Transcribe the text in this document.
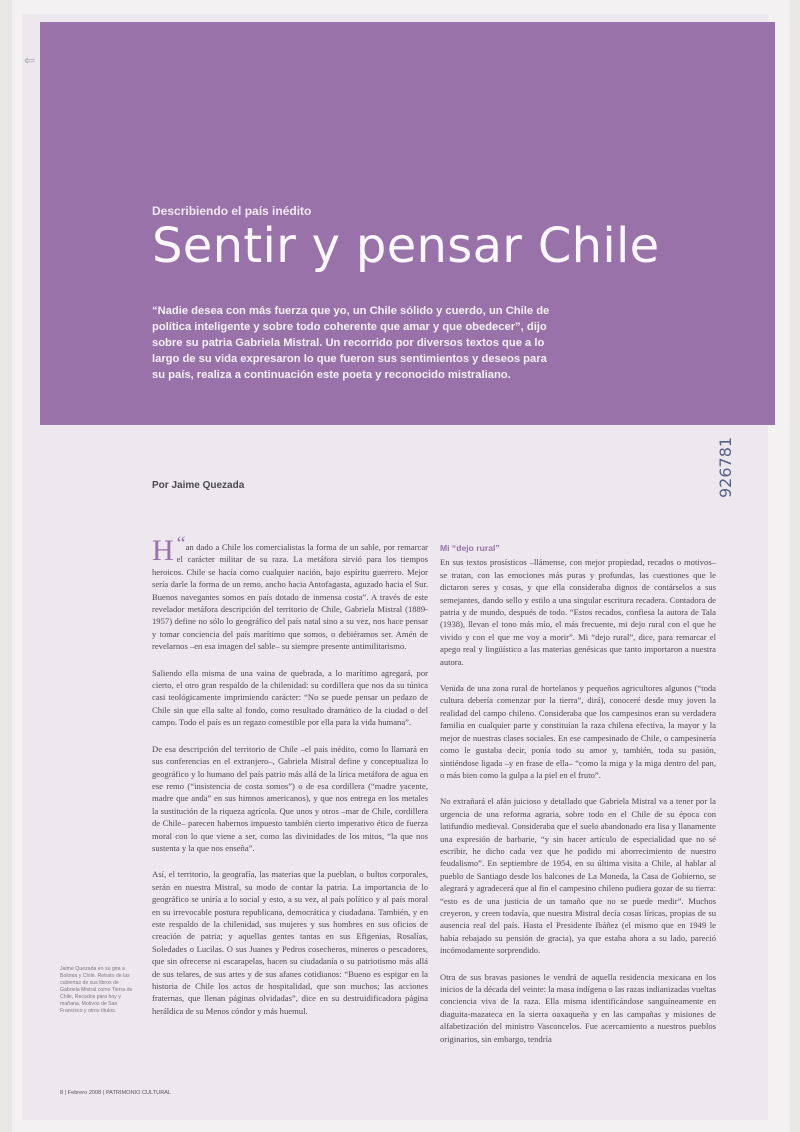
⇐
Describiendo el país inédito
Sentir y pensar Chile
“Nadie desea con más fuerza que yo, un Chile sólido y cuerdo, un Chile de política inteligente y sobre todo coherente que amar y que obedecer”, dijo sobre su patria Gabriela Mistral. Un recorrido por diversos textos que a lo largo de su vida expresaron lo que fueron sus sentimientos y deseos para su país, realiza a continuación este poeta y reconocido mistraliano.
Por Jaime Quezada

“
H an dado a Chile los comercialistas la forma de un sable, por remarcar el carácter militar de su raza. La metáfora sirvió para los tiempos heroicos. Chile se hacía como cualquier nación, bajo espíritu guerrero. Mejor sería darle la forma de un remo, ancho hacia Antofagasta, aguzado hacia el Sur. Buenos navegantes somos en país dotado de inmensa costa”. A través de este revelador metáfora descripción del territorio de Chile, Gabriela Mistral (1889-1957) define no sólo lo geográfico del país natal sino a su vez, nos hace pensar y tomar conciencia del país marítimo que somos, o debiéramos ser. Amén de revelarnos –en esa imagen del sable– su siempre presente antimilitarismo.

Saliendo ella misma de una vaina de quebrada, a lo marítimo agregará, por cierto, el otro gran respaldo de la chilenidad: su cordillera que nos da su túnica casi teológicamente imprimiendo carácter: “No se puede pensar un pedazo de Chile sin que ella salte al fondo, como resultado dramático de la ciudad o del campo. Todo el país es un regazo comestible por ella para la vida humana”.

De esa descripción del territorio de Chile –el país inédito, como lo llamará en sus conferencias en el extranjero–, Gabriela Mistral define y conceptualiza lo geográfico y lo humano del país patrio más allá de la lírica metáfora de agua en ese remo (“insistencia de costa somos”) o de esa cordillera (“madre yacente, madre que anda” en sus himnos americanos), y que nos entrega en los metales la sustitución de la riqueza agrícola. Que unos y otros –mar de Chile, cordillera de Chile– parecen habernos impuesto también cierto imperativo ético de fuerza moral con lo que viene a ser, como las divinidades de los mitos, “la que nos sustenta y la que nos enseña”.

Así, el territorio, la geografía, las materias que la pueblan, o bultos corporales, serán en nuestra Mistral, su modo de contar la patria. La importancia de lo geográfico se uniría a lo social y esto, a su vez, al país político y al país moral en su irrevocable postura republicana, democrática y ciudadana. También, y en este respaldo de la chilenidad, sus mujeres y sus hombres en sus oficios de creación de patria; y aquellas gentes tantas en sus Efigenias, Rosalías, Soledades o Lucilas. O sus Juanes y Pedros cosecheros, mineros o pescadores, que sin ofrecerse ni escarapelas, hacen su ciudadanía o su patriotismo más allá de sus telares, de sus artes y de sus afanes cotidianos: “Bueno es espigar en la historia de Chile los actos de hospitalidad, que son muchos; las acciones fraternas, que llenan páginas olvidadas”, dice en su destruidificadora página heráldica de su Menos cóndor y más huemul.

Mi “dejo rural”

En sus textos prosísticos –llámense, con mejor propiedad, recados o motivos– se tratan, con las emociones más puras y profundas, las cuestiones que le dictaron seres y cosas, y que ella consideraba dignos de contárselos a sus semejantes, dando sello y estilo a una singular escritura recadera. Contadora de patria y de mundo, después de todo. “Estos recados, confiesa la autora de Tala (1938), llevan el tono más mío, el más frecuente, mi dejo rural con el que he vivido y con el que me voy a morir”. Mi “dejo rural”, dice, para remarcar el apego real y lingüístico a las materias genésicas que tanto importaron a nuestra autora.

Venida de una zona rural de hortelanos y pequeños agricultores algunos (“toda cultura debería comenzar por la tierra”, dirá), conoceré desde muy joven la realidad del campo chileno. Consideraba que los campesinos eran su verdadera familia en cualquier parte y constituían la raza chilena efectiva, la mayor y la mejor de nuestras clases sociales. En ese campesinado de Chile, o campesinería como le gustaba decir, ponía todo su amor y, también, toda su pasión, sintiéndose ligada –y en frase de ella– “como la miga y la miga dentro del pan, o más bien como la gulpa a la piel en el fruto”.

No extrañará el afán juicioso y detallado que Gabriela Mistral va a tener por la urgencia de una reforma agraria, sobre todo en el Chile de su época con latifundio medieval. Consideraba que el suelo abandonado era lisa y llanamente una expresión de barbarie, “y sin hacer artículo de especialidad que no sé escribir, he dicho cada vez que he podido mi aborrecimiento de nuestro feudalismo”. En septiembre de 1954, en su última visita a Chile, al hablar al pueblo de Santiago desde los balcones de La Moneda, la Casa de Gobierno, se alegrará y agradecerá que al fin el campesino chileno pudiera gozar de su tierra: “esto es de una justicia de un tamaño que no se puede medir”. Muchos creyeron, y creen todavía, que nuestra Mistral decía cosas líricas, propias de su ausencia real del país. Hasta el Presidente Ibáñez (el mismo que en 1949 le había rebajado su pensión de gracia), ya que estaba ahora a su lado, pareció incómodamente sorprendido.

Otra de sus bravas pasiones le vendrá de aquella residencia mexicana en los inicios de la década del veinte: la masa indígena o las razas indianizadas vueltas conciencia viva de la raza. Ella misma identificándose sanguíneamente en diaguita-mazateca en la sierra oaxaqueña y en las campañas y misiones de alfabetización del ministro Vasconcelos. Fue acercamiento a nuestros pueblos originarios, sin embargo, tendría

Jaime Quezada en su gira a Bolonia y Chile. Retrato de las cubiertas de sus libros de Gabriela Mistral como Tierra de Chile, Recados para hoy y mañana, Motivos de San Francisco y otros títulos.
8 | Febrero 2008 | PATRIMONIO CULTURAL
926781
